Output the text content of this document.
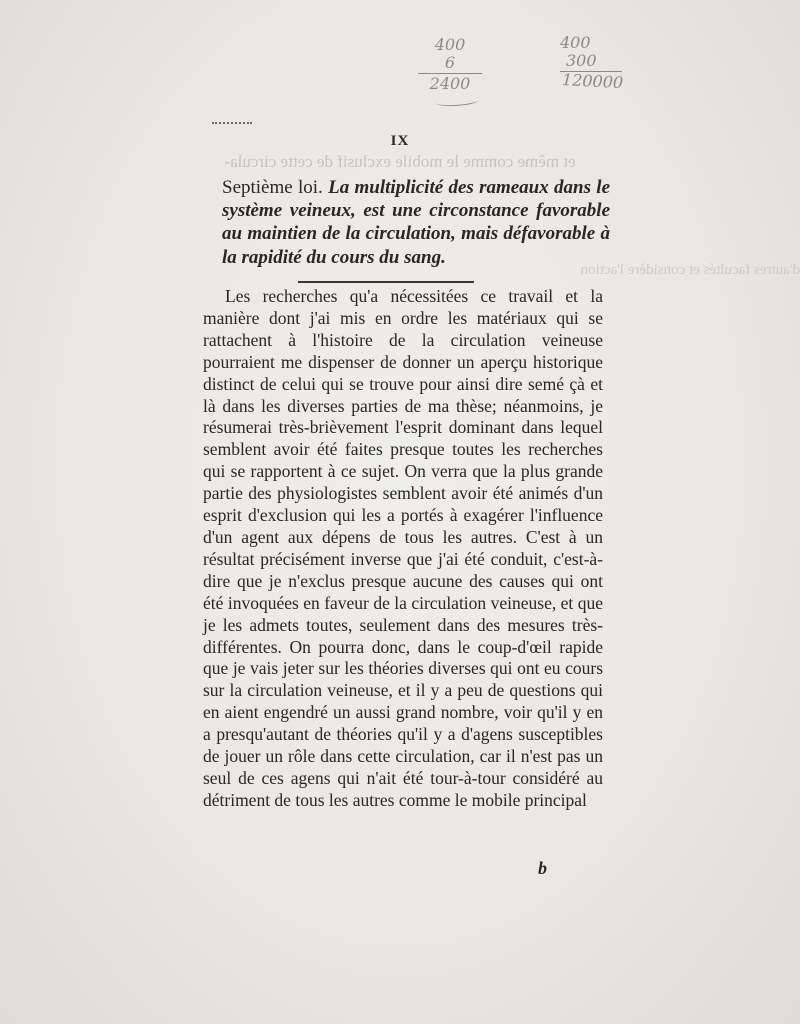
400
6
2400
400
300
120000
IX
et même comme le mobile exclusif de cette circula-
d'autres facultés et considère l'action
Septième loi. La multiplicité des rameaux dans le système veineux, est une circonstance favorable au maintien de la circulation, mais défavorable à la rapidité du cours du sang.

Les recherches qu'a nécessitées ce travail et la manière dont j'ai mis en ordre les matériaux qui se rattachent à l'histoire de la circulation veineuse pourraient me dispenser de donner un aperçu historique distinct de celui qui se trouve pour ainsi dire semé çà et là dans les diverses parties de ma thèse; néanmoins, je résumerai très-brièvement l'esprit dominant dans lequel semblent avoir été faites presque toutes les recherches qui se rapportent à ce sujet. On verra que la plus grande partie des physiologistes semblent avoir été animés d'un esprit d'exclusion qui les a portés à exagérer l'influence d'un agent aux dépens de tous les autres. C'est à un résultat précisément inverse que j'ai été conduit, c'est-à-dire que je n'exclus presque aucune des causes qui ont été invoquées en faveur de la circulation veineuse, et que je les admets toutes, seulement dans des mesures très-différentes. On pourra donc, dans le coup-d'œil rapide que je vais jeter sur les théories diverses qui ont eu cours sur la circulation veineuse, et il y a peu de questions qui en aient engendré un aussi grand nombre, voir qu'il y en a presqu'autant de théories qu'il y a d'agens susceptibles de jouer un rôle dans cette circulation, car il n'est pas un seul de ces agens qui n'ait été tour-à-tour considéré au détriment de tous les autres comme le mobile principal

b
